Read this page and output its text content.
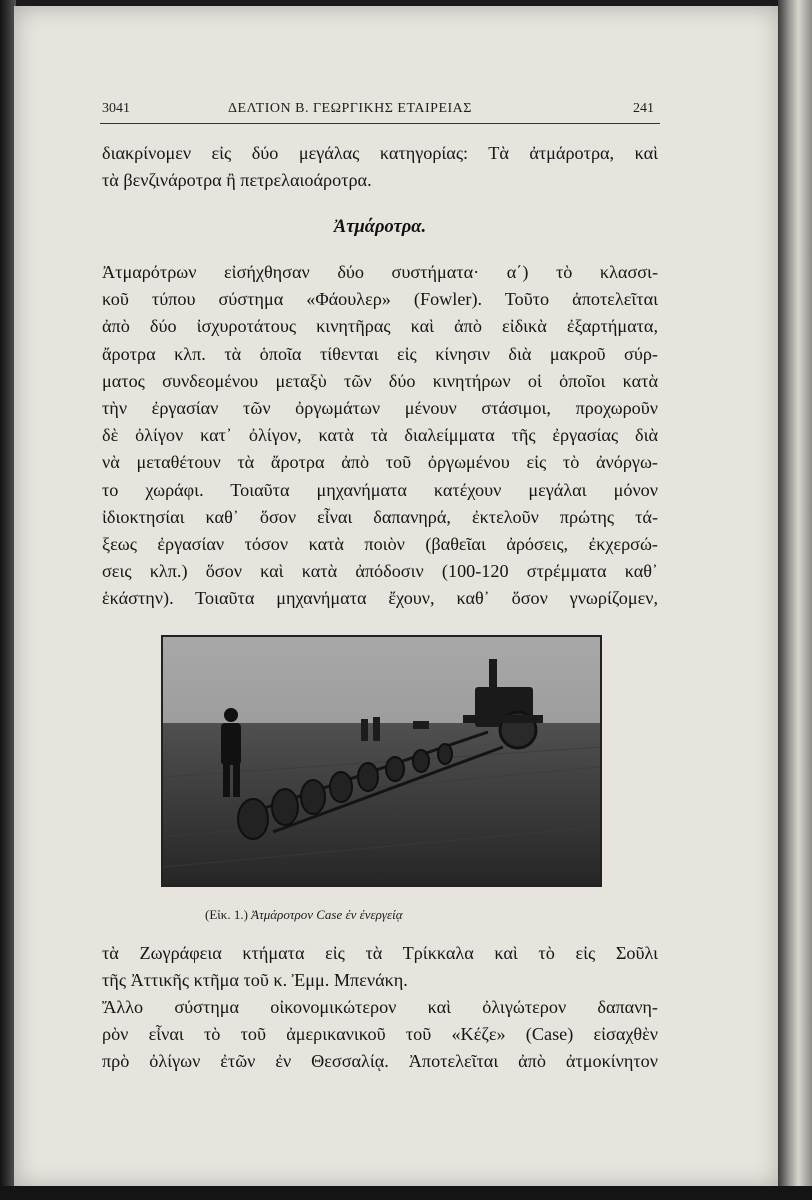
3041	ΔΕΛΤΙΟΝ Β. ΓΕΩΡΓΙΚΗΣ ΕΤΑΙΡΕΙΑΣ	241
διακρίνομεν εἰς δύο μεγάλας κατηγορίας: Τὰ ἀτμάροτρα, καὶ
τὰ βενζινάροτρα ἢ πετρελαιοάροτρα.
Ἀτμάροτρα.
Ἀτμαρότρων εἰσήχθησαν δύο συστήματα· α΄) τὸ κλασσι-
κοῦ τύπου σύστημα «Φάουλερ» (Fowler). Τοῦτο ἀποτελεῖται
ἀπὸ δύο ἰσχυροτάτους κινητῆρας καὶ ἀπὸ εἰδικὰ ἐξαρτήματα,
ἄροτρα κλπ. τὰ ὁποῖα τίθενται εἰς κίνησιν διὰ μακροῦ σύρ-
ματος συνδεομένου μεταξὺ τῶν δύο κινητήρων οἱ ὁποῖοι κατὰ
τὴν ἐργασίαν τῶν ὀργωμάτων μένουν στάσιμοι, προχωροῦν
δὲ ὀλίγον κατ᾽ ὀλίγον, κατὰ τὰ διαλείμματα τῆς ἐργασίας διὰ
νὰ μεταθέτουν τὰ ἄροτρα ἀπὸ τοῦ ὀργωμένου εἰς τὸ ἀνόργω-
το χωράφι. Τοιαῦτα μηχανήματα κατέχουν μεγάλαι μόνον
ἰδιοκτησίαι καθ᾽ ὅσον εἶναι δαπανηρά, ἐκτελοῦν πρώτης τά-
ξεως ἐργασίαν τόσον κατὰ ποιὸν (βαθεῖαι ἀρόσεις, ἐκχερσώ-
σεις κλπ.) ὅσον καὶ κατὰ ἀπόδοσιν (100-120 στρέμματα καθ᾽
ἑκάστην). Τοιαῦτα μηχανήματα ἔχουν, καθ᾽ ὅσον γνωρίζομεν,
(Εἰκ. 1.) Ἀτμάροτρον Case ἐν ἐνεργείᾳ
τὰ Ζωγράφεια κτήματα εἰς τὰ Τρίκκαλα καὶ τὸ εἰς Σοῦλι
τῆς Ἀττικῆς κτῆμα τοῦ κ. Ἐμμ. Μπενάκη.
Ἄλλο σύστημα οἰκονομικώτερον καὶ ὀλιγώτερον δαπανη-
ρὸν εἶναι τὸ τοῦ ἀμερικανικοῦ τοῦ «Κέζε» (Case) εἰσαχθὲν
πρὸ ὀλίγων ἐτῶν ἐν Θεσσαλίᾳ. Ἀποτελεῖται ἀπὸ ἀτμοκίνητον
